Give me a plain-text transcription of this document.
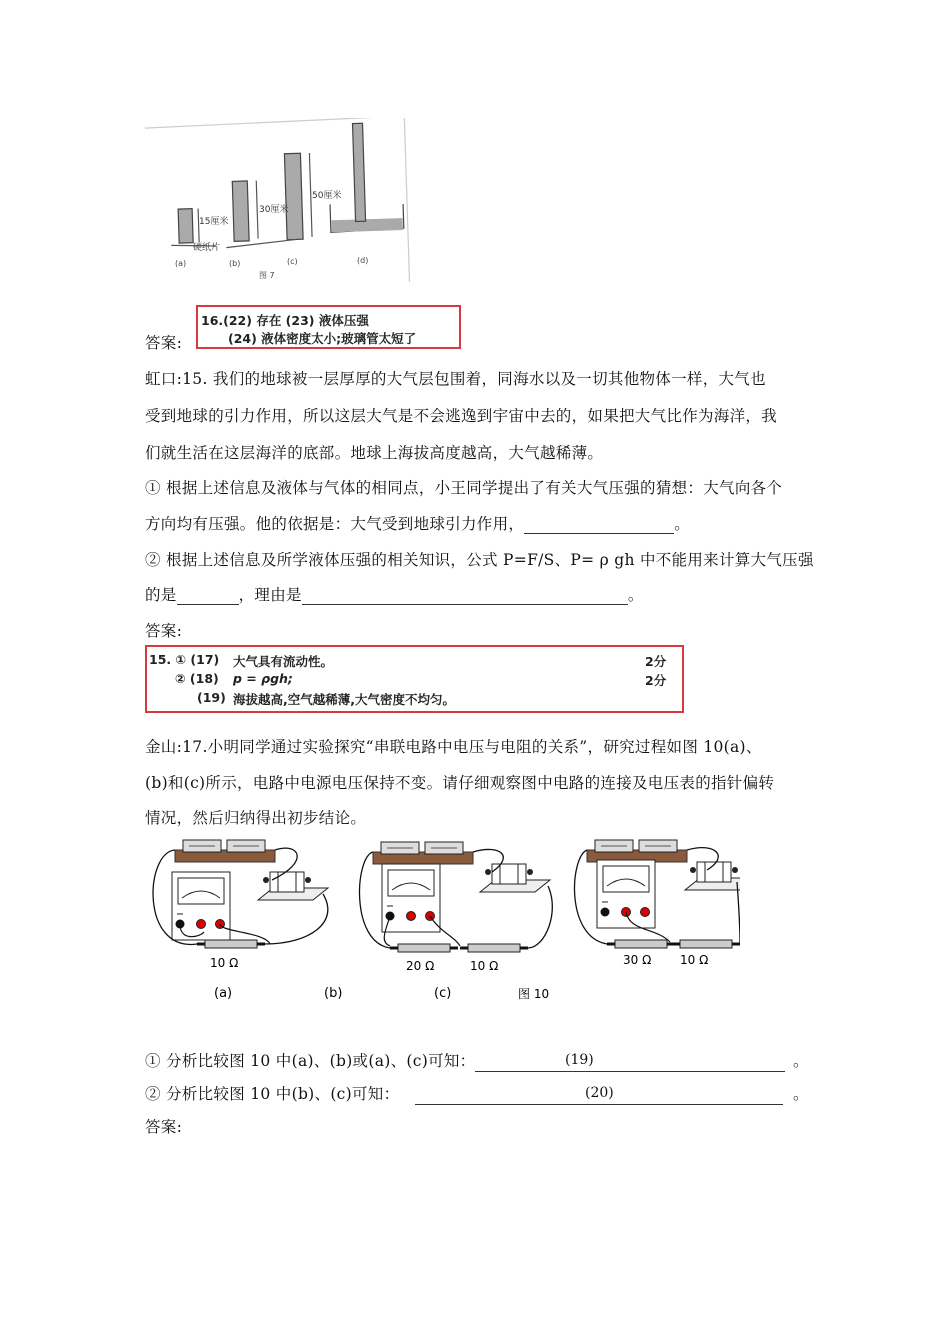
15厘米
30厘米
50厘米
硬纸片
(a)	(b)	(c)	(d)
图 7
答案:
16.(22) 存在 (23) 液体压强
(24) 液体密度太小;玻璃管太短了
虹口:15. 我们的地球被一层厚厚的大气层包围着，同海水以及一切其他物体一样，大气也
受到地球的引力作用，所以这层大气是不会逃逸到宇宙中去的，如果把大气比作为海洋，我
们就生活在这层海洋的底部。地球上海拔高度越高，大气越稀薄。
① 根据上述信息及液体与气体的相同点，小王同学提出了有关大气压强的猜想：大气向各个
方向均有压强。他的依据是：大气受到地球引力作用，	。
② 根据上述信息及所学液体压强的相关知识，公式 P=F/S、P= ρ gh 中不能用来计算大气压强
的是	，理由是	。
答案:
15. ① (17) 大气具有流动性。	2分
② (18) p = ρgh;	2分
(19) 海拔越高,空气越稀薄,大气密度不均匀。
金山:17.小明同学通过实验探究“串联电路中电压与电阻的关系”，研究过程如图 10(a)、
(b)和(c)所示，电路中电源电压保持不变。请仔细观察图中电路的连接及电压表的指针偏转
情况，然后归纳得出初步结论。
10 Ω	20 Ω	10 Ω	30 Ω 10 Ω
(a)	(b)	(c)	图 10
① 分析比较图 10 中(a)、(b)或(a)、(c)可知：	(19)	。
② 分析比较图 10 中(b)、(c)可知：	(20)	。
答案:
